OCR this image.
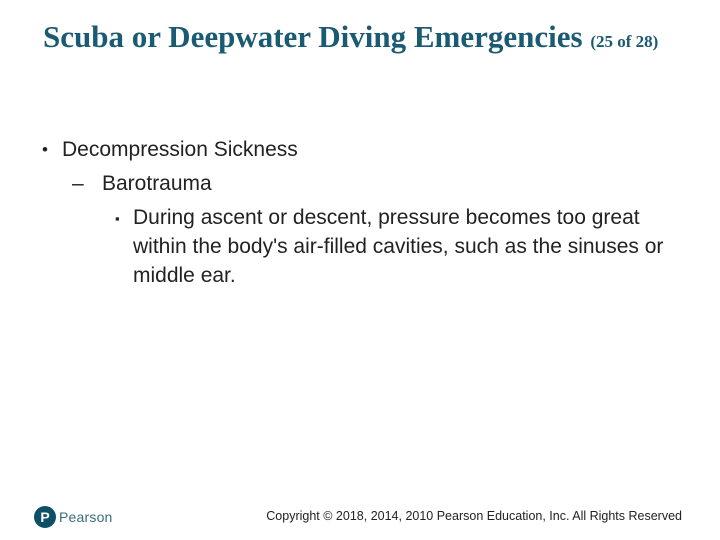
Scuba or Deepwater Diving Emergencies (25 of 28)
• Decompression Sickness
– Barotrauma
▪ During ascent or descent, pressure becomes too great within the body's air-filled cavities, such as the sinuses or middle ear.
P Pearson	Copyright © 2018, 2014, 2010 Pearson Education, Inc. All Rights Reserved
